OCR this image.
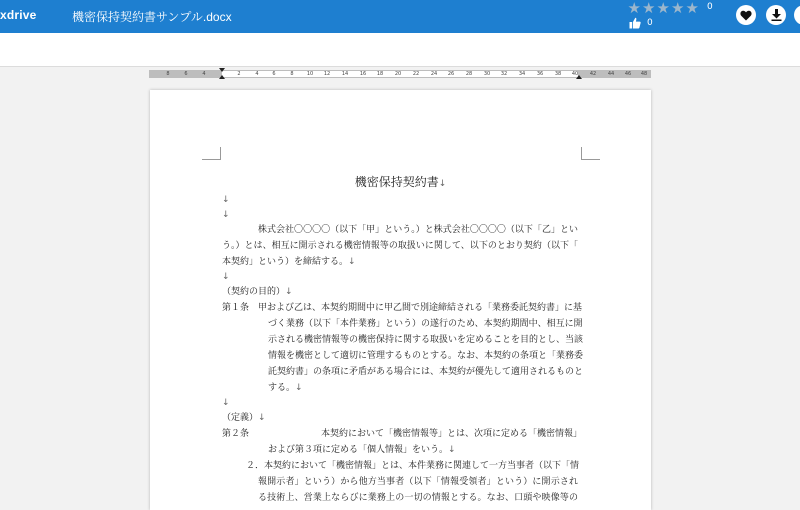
xdrive	機密保持契約書サンプル.docx	★★★★★ 0
0
8	6	4	2	4	6	8	10 12 14 16 18 20 22 24 26 28 30 32 34 36 38 40 42 44 46 48
機密保持契約書↓
↓
↓
株式会社〇〇〇〇（以下「甲」という。）と株式会社〇〇〇〇（以下「乙」とい
う。）とは、相互に開示される機密情報等の取扱いに関して、以下のとおり契約（以下「
本契約」という）を締結する。↓
↓
（契約の目的）↓
第１条　甲および乙は、本契約期間中に甲乙間で別途締結される「業務委託契約書」に基
づく業務（以下「本件業務」という）の遂行のため、本契約期間中、相互に開
示される機密情報等の機密保持に関する取扱いを定めることを目的とし、当該
情報を機密として適切に管理するものとする。なお、本契約の条項と「業務委
託契約書」の条項に矛盾がある場合には、本契約が優先して適用されるものと
する。↓
↓
（定義）↓
第２条　　　　　　　　本契約において「機密情報等」とは、次項に定める「機密情報」
および第３項に定める「個人情報」をいう。↓
２．本契約において「機密情報」とは、本件業務に関連して一方当事者（以下「情
報開示者」という）から他方当事者（以下「情報受領者」という）に開示され
る技術上、営業上ならびに業務上の一切の情報とする。なお、口頭や映像等の
